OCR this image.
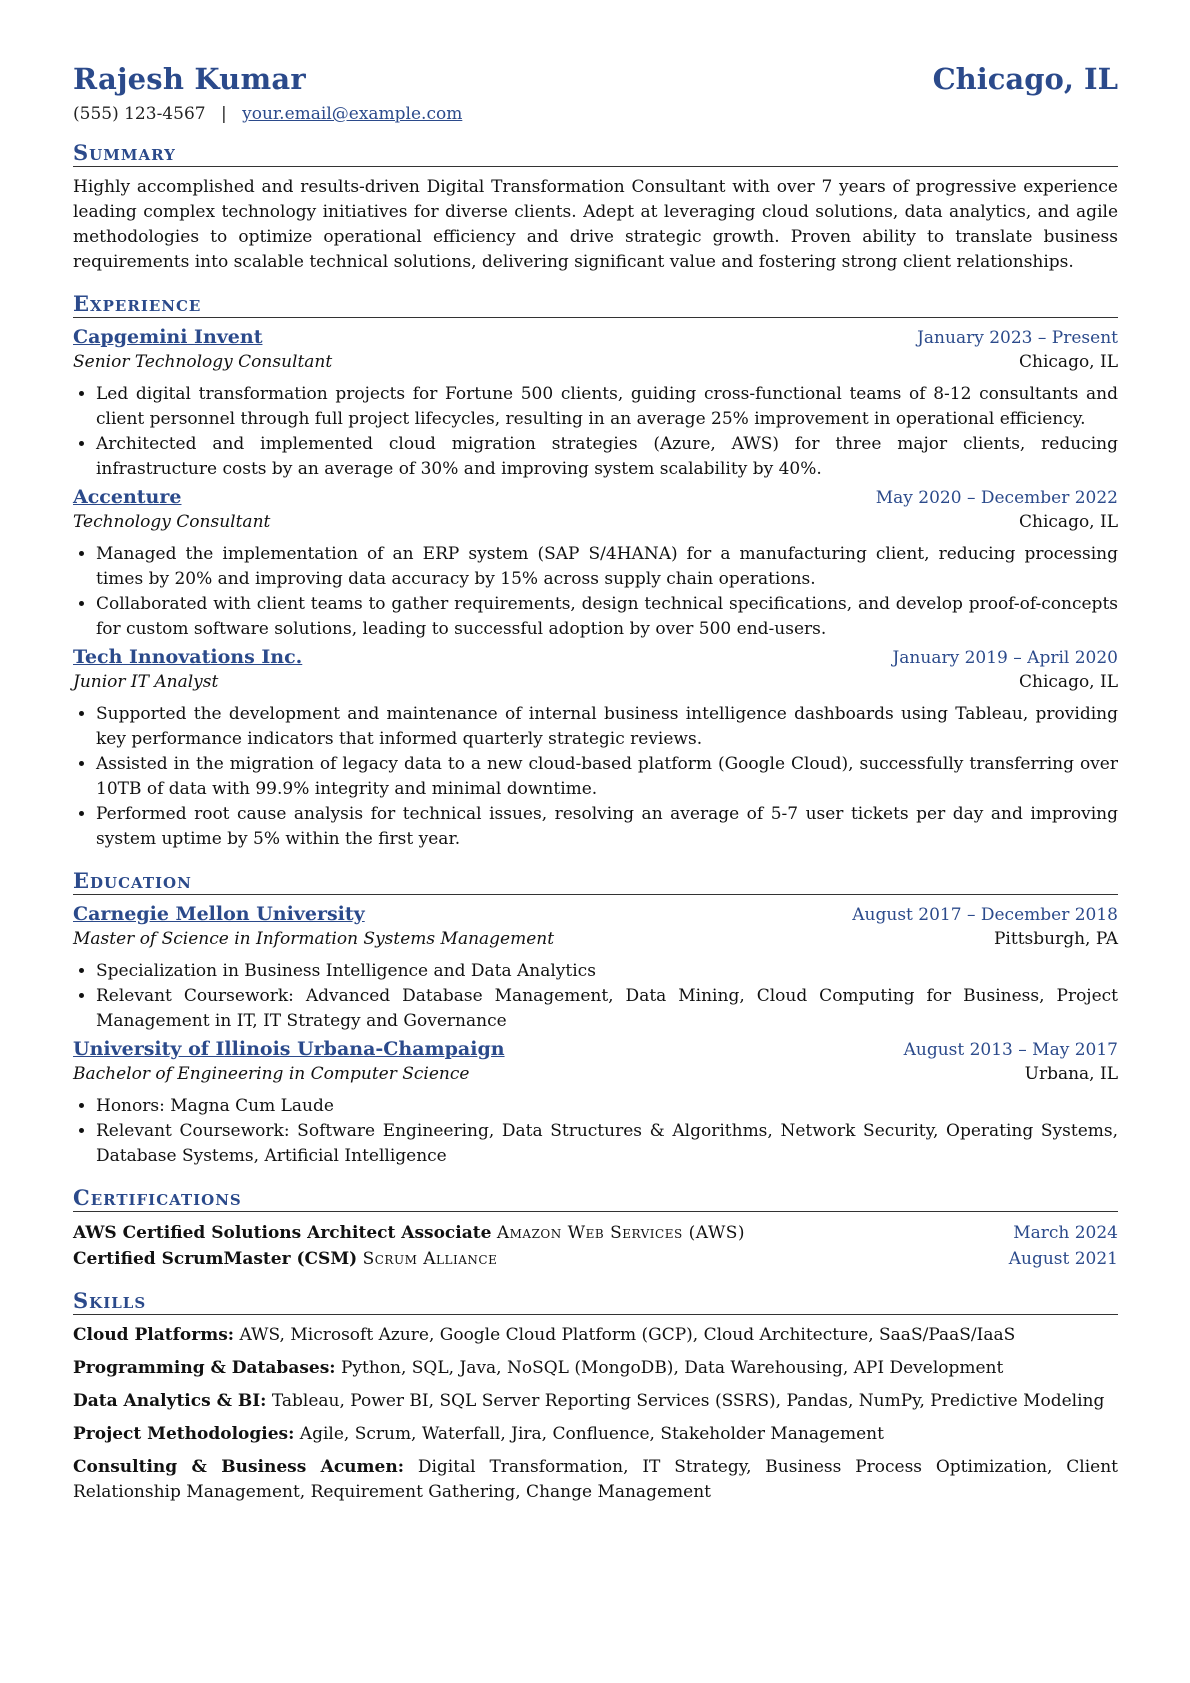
Rajesh Kumar	Chicago, IL
(555) 123-4567 | your.email@example.com
Summary

Highly accomplished and results-driven Digital Transformation Consultant with over 7 years of progressive experience leading complex technology initiatives for diverse clients. Adept at leveraging cloud solutions, data analytics, and agile methodologies to optimize operational efficiency and drive strategic growth. Proven ability to translate business requirements into scalable technical solutions, delivering significant value and fostering strong client relationships.

Experience
Capgemini Invent	January 2023 – Present
Senior Technology Consultant	Chicago, IL
• Led digital transformation projects for Fortune 500 clients, guiding cross-functional teams of 8-12 consultants and client personnel through full project lifecycles, resulting in an average 25% improvement in operational efficiency.
• Architected and implemented cloud migration strategies (Azure, AWS) for three major clients, reducing infrastructure costs by an average of 30% and improving system scalability by 40%.
Accenture	May 2020 – December 2022
Technology Consultant	Chicago, IL
• Managed the implementation of an ERP system (SAP S/4HANA) for a manufacturing client, reducing processing times by 20% and improving data accuracy by 15% across supply chain operations.
• Collaborated with client teams to gather requirements, design technical specifications, and develop proof-of-concepts for custom software solutions, leading to successful adoption by over 500 end-users.
Tech Innovations Inc.	January 2019 – April 2020
Junior IT Analyst	Chicago, IL
• Supported the development and maintenance of internal business intelligence dashboards using Tableau, providing key performance indicators that informed quarterly strategic reviews.
• Assisted in the migration of legacy data to a new cloud-based platform (Google Cloud), successfully transferring over 10TB of data with 99.9% integrity and minimal downtime.
• Performed root cause analysis for technical issues, resolving an average of 5-7 user tickets per day and improving system uptime by 5% within the first year.
Education
Carnegie Mellon University	August 2017 – December 2018
Master of Science in Information Systems Management	Pittsburgh, PA
• Specialization in Business Intelligence and Data Analytics
• Relevant Coursework: Advanced Database Management, Data Mining, Cloud Computing for Business, Project Management in IT, IT Strategy and Governance
University of Illinois Urbana-Champaign	August 2013 – May 2017
Bachelor of Engineering in Computer Science	Urbana, IL
• Honors: Magna Cum Laude
• Relevant Coursework: Software Engineering, Data Structures & Algorithms, Network Security, Operating Systems, Database Systems, Artificial Intelligence
Certifications
AWS Certified Solutions Architect Associate Amazon Web Services (AWS)	March 2024
Certified ScrumMaster (CSM) Scrum Alliance	August 2021
Skills
Cloud Platforms: AWS, Microsoft Azure, Google Cloud Platform (GCP), Cloud Architecture, SaaS/PaaS/IaaS
Programming & Databases: Python, SQL, Java, NoSQL (MongoDB), Data Warehousing, API Development
Data Analytics & BI: Tableau, Power BI, SQL Server Reporting Services (SSRS), Pandas, NumPy, Predictive Modeling
Project Methodologies: Agile, Scrum, Waterfall, Jira, Confluence, Stakeholder Management
Consulting & Business Acumen: Digital Transformation, IT Strategy, Business Process Optimization, Client Relationship Management, Requirement Gathering, Change Management
